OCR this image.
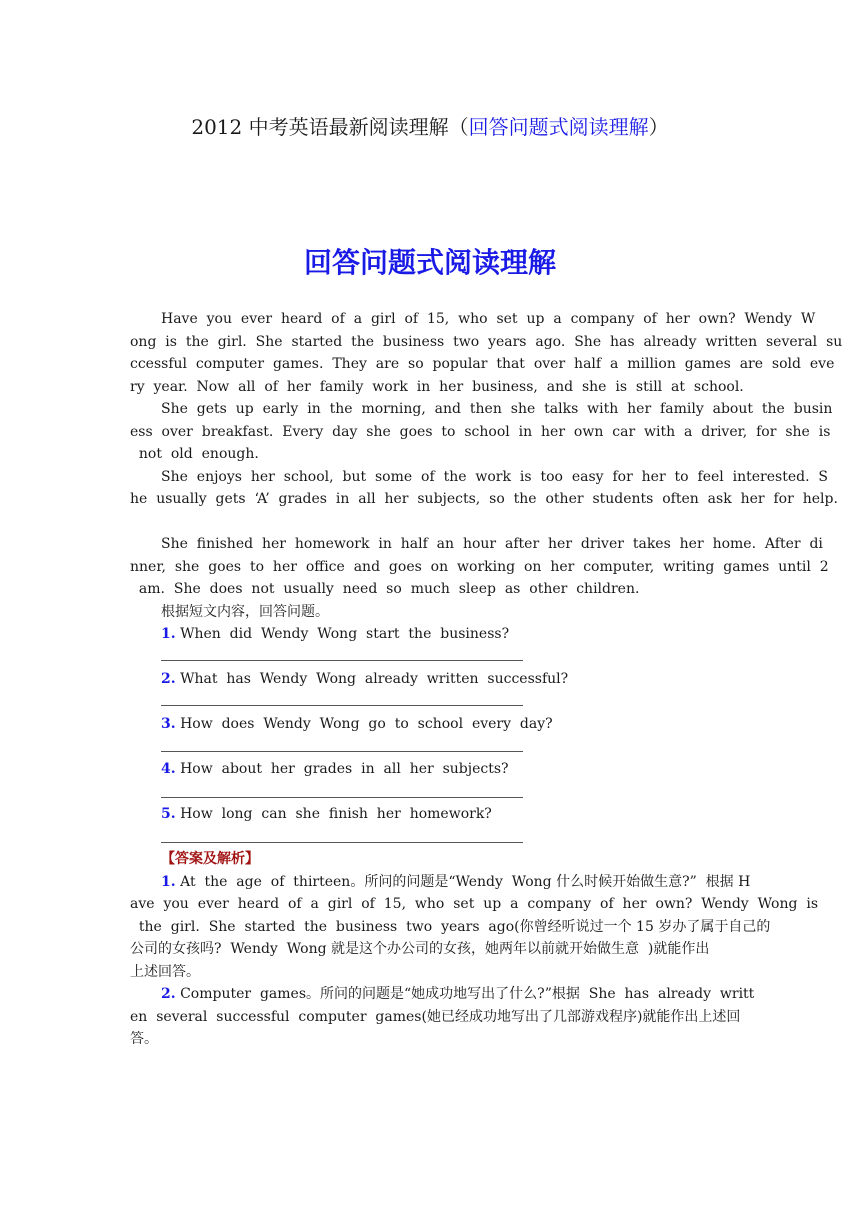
2012 中考英语最新阅读理解（回答问题式阅读理解）
回答问题式阅读理解
Have  you  ever  heard  of  a  girl  of  15,  who  set  up  a  company  of  her  own?  Wendy  W
ong  is  the  girl.  She  started  the  business  two  years  ago.  She  has  already  written  several  su
ccessful  computer  games.  They  are  so  popular  that  over  half  a  million  games  are  sold  eve
ry  year.  Now  all  of  her  family  work  in  her  business,  and  she  is  still  at  school.
She  gets  up  early  in  the  morning,  and  then  she  talks  with  her  family  about  the  busin
ess  over  breakfast.  Every  day  she  goes  to  school  in  her  own  car  with  a  driver,  for  she  is
not  old  enough.
She  enjoys  her  school,  but  some  of  the  work  is  too  easy  for  her  to  feel  interested.  S
he  usually  gets  ‘A’  grades  in  all  her  subjects,  so  the  other  students  often  ask  her  for  help.
She  finished  her  homework  in  half  an  hour  after  her  driver  takes  her  home.  After  di
nner,  she  goes  to  her  office  and  goes  on  working  on  her  computer,  writing  games  until  2
am.  She  does  not  usually  need  so  much  sleep  as  other  children.
根据短文内容，回答问题。
1. When  did  Wendy  Wong  start  the  business?
2. What  has  Wendy  Wong  already  written  successful?
3. How  does  Wendy  Wong  go  to  school  every  day?
4. How  about  her  grades  in  all  her  subjects?
5. How  long  can  she  finish  her  homework?
【答案及解析】
1. At  the  age  of  thirteen。所问的问题是“Wendy  Wong 什么时候开始做生意?”  根据 H
ave  you  ever  heard  of  a  girl  of  15,  who  set  up  a  company  of  her  own?  Wendy  Wong  is
the  girl.  She  started  the  business  two  years  ago(你曾经听说过一个 15 岁办了属于自己的
公司的女孩吗?  Wendy  Wong 就是这个办公司的女孩，她两年以前就开始做生意  )就能作出
上述回答。
2. Computer  games。所问的问题是“她成功地写出了什么?”根据  She  has  already  writt
en  several  successful  computer  games(她已经成功地写出了几部游戏程序)就能作出上述回
答。
